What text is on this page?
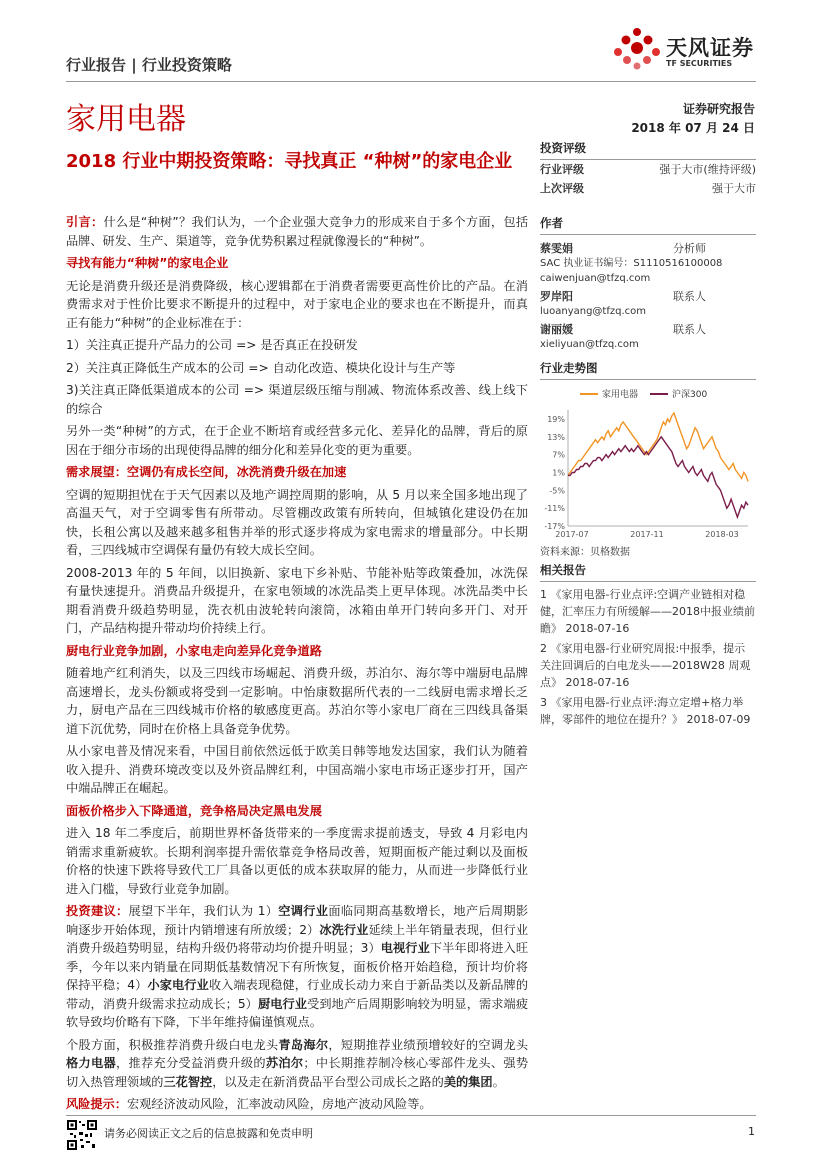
行业报告 | 行业投资策略
天风证券
TF SECURITIES
家用电器	证券研究报告
2018 年 07 月 24 日
2018 行业中期投资策略：寻找真正 “种树”的家电企业

引言：什么是“种树”？我们认为，一个企业强大竞争力的形成来自于多个方面，包括品牌、研发、生产、渠道等，竞争优势积累过程就像漫长的“种树”。

寻找有能力“种树”的家电企业

无论是消费升级还是消费降级，核心逻辑都在于消费者需要更高性价比的产品。在消费需求对于性价比要求不断提升的过程中，对于家电企业的要求也在不断提升，而真正有能力“种树”的企业标准在于：

1）关注真正提升产品力的公司 => 是否真正在投研发

2）关注真正降低生产成本的公司 => 自动化改造、模块化设计与生产等

3)关注真正降低渠道成本的公司 => 渠道层级压缩与削减、物流体系改善、线上线下的综合

另外一类“种树”的方式，在于企业不断培育或经营多元化、差异化的品牌，背后的原因在于细分市场的出现使得品牌的细分化和差异化变的更为重要。

需求展望：空调仍有成长空间，冰洗消费升级在加速

空调的短期担忧在于天气因素以及地产调控周期的影响，从 5 月以来全国多地出现了高温天气，对于空调零售有所带动。尽管棚改政策有所转向，但城镇化建设仍在加快，长租公寓以及越来越多租售并举的形式逐步将成为家电需求的增量部分。中长期看，三四线城市空调保有量仍有较大成长空间。

2008-2013 年的 5 年间，以旧换新、家电下乡补贴、节能补贴等政策叠加，冰洗保有量快速提升。消费品升级提升，在家电领域的冰洗品类上更早体现。冰洗品类中长期看消费升级趋势明显，洗衣机由波轮转向滚筒，冰箱由单开门转向多开门、对开门，产品结构提升带动均价持续上行。

厨电行业竞争加剧，小家电走向差异化竞争道路

随着地产红利消失，以及三四线市场崛起、消费升级，苏泊尔、海尔等中端厨电品牌高速增长，龙头份额或将受到一定影响。中怡康数据所代表的一二线厨电需求增长乏力，厨电产品在三四线城市价格的敏感度更高。苏泊尔等小家电厂商在三四线具备渠道下沉优势，同时在价格上具备竞争优势。

从小家电普及情况来看，中国目前依然远低于欧美日韩等地发达国家，我们认为随着收入提升、消费环境改变以及外资品牌红利，中国高端小家电市场正逐步打开，国产中端品牌正在崛起。

面板价格步入下降通道，竞争格局决定黑电发展

进入 18 年二季度后，前期世界杯备货带来的一季度需求提前透支，导致 4 月彩电内销需求重新疲软。长期利润率提升需依靠竞争格局改善，短期面板产能过剩以及面板价格的快速下跌将导致代工厂具备以更低的成本获取屏的能力，从而进一步降低行业进入门槛，导致行业竞争加剧。

投资建议：展望下半年，我们认为 1）空调行业面临同期高基数增长，地产后周期影响逐步开始体现，预计内销增速有所放缓；2）冰洗行业延续上半年销量表现，但行业消费升级趋势明显，结构升级仍将带动均价提升明显；3）电视行业下半年即将进入旺季，今年以来内销量在同期低基数情况下有所恢复，面板价格开始趋稳，预计均价将保持平稳；4）小家电行业收入端表现稳健，行业成长动力来自于新品类以及新品牌的带动，消费升级需求拉动成长；5）厨电行业受到地产后周期影响较为明显，需求端疲软导致均价略有下降，下半年维持偏谨慎观点。

个股方面，积极推荐消费升级白电龙头青岛海尔，短期推荐业绩预增较好的空调龙头格力电器，推荐充分受益消费升级的苏泊尔；中长期推荐制冷核心零部件龙头、强势切入热管理领域的三花智控，以及走在新消费品平台型公司成长之路的美的集团。

风险提示：宏观经济波动风险，汇率波动风险，房地产波动风险等。

投资评级
行业评级	强于大市(维持评级)
上次评级	强于大市
作者
蔡雯娟	分析师
SAC 执业证书编号：S1110516100008
caiwenjuan@tfzq.com
罗岸阳	联系人
luoanyang@tfzq.com
谢丽媛	联系人
xieliyuan@tfzq.com
行业走势图
家用电器	沪深300
19%
13%
7%
1%
-5%
-11%
-17%
2017-07	2017-11	2018-03
资料来源：贝格数据
相关报告

1 《家用电器-行业点评:空调产业链相对稳健，汇率压力有所缓解——2018中报业绩前瞻》 2018-07-16

2 《家用电器-行业研究周报:中报季，提示关注回调后的白电龙头——2018W28 周观点》 2018-07-16

3 《家用电器-行业点评:海立定增+格力举牌，零部件的地位在提升？》 2018-07-09

请务必阅读正文之后的信息披露和免责申明	1
